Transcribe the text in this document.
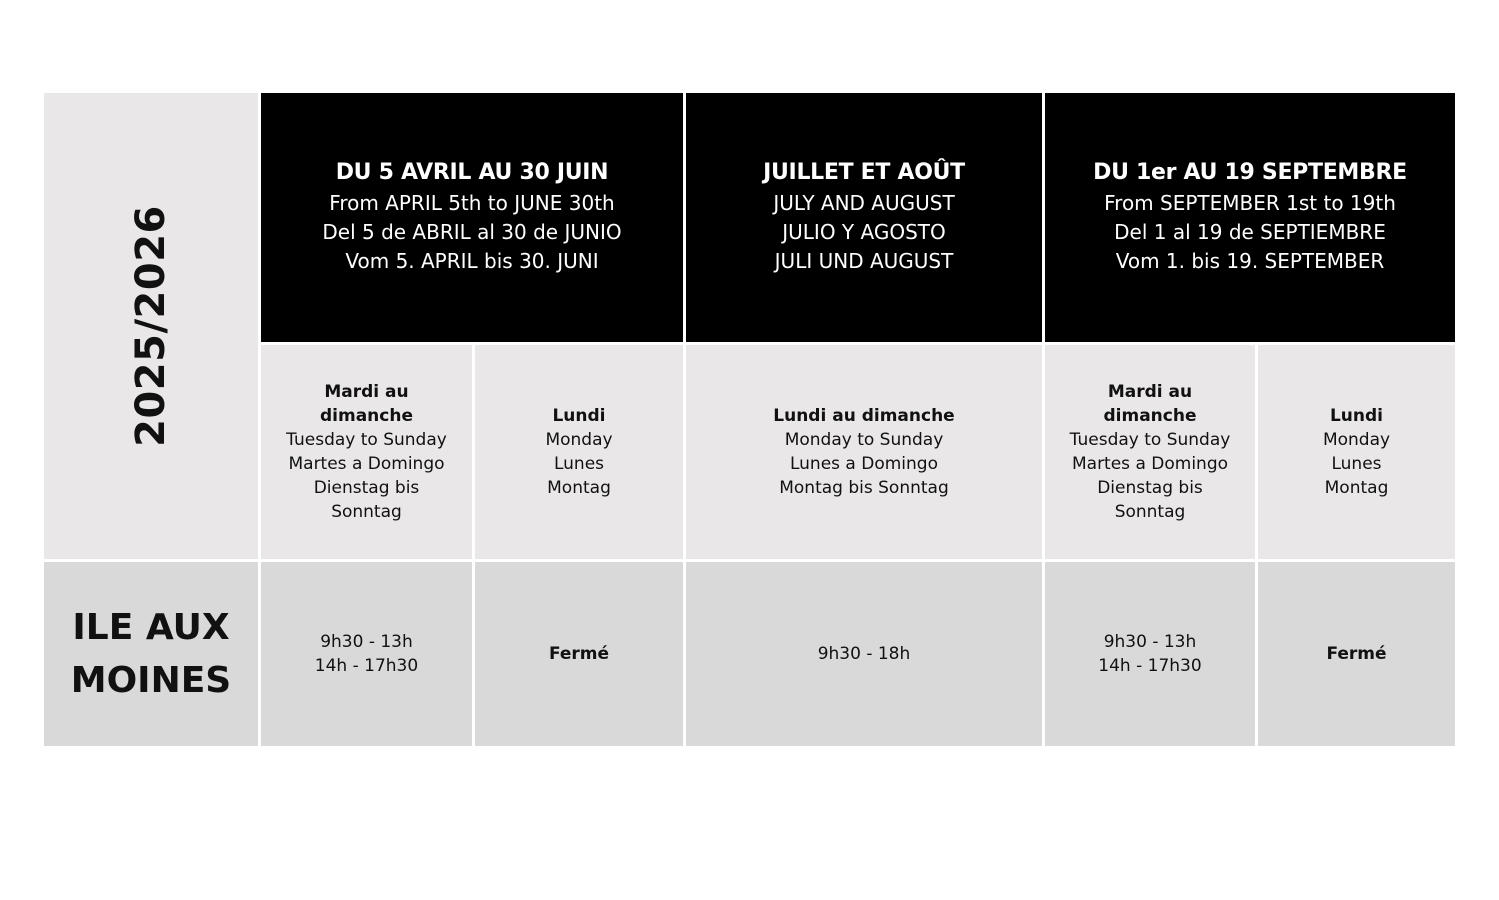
2025/2026
DU 5 AVRIL AU 30 JUIN
From APRIL 5th to JUNE 30th
Del 5 de ABRIL al 30 de JUNIO
Vom 5. APRIL bis 30. JUNI
JUILLET ET AOÛT
JULY AND AUGUST
JULIO Y AGOSTO
JULI UND AUGUST
DU 1er AU 19 SEPTEMBRE
From SEPTEMBER 1st to 19th
Del 1 al 19 de SEPTIEMBRE
Vom 1. bis 19. SEPTEMBER
Mardi au
dimanche
Tuesday to Sunday
Martes a Domingo
Dienstag bis
Sonntag
Lundi
Monday
Lunes
Montag
Lundi au dimanche
Monday to Sunday
Lunes a Domingo
Montag bis Sonntag
Mardi au
dimanche
Tuesday to Sunday
Martes a Domingo
Dienstag bis
Sonntag
Lundi
Monday
Lunes
Montag
ILE AUX
MOINES
9h30 - 13h
14h - 17h30
Fermé	9h30 - 18h
9h30 - 13h
14h - 17h30
Fermé
